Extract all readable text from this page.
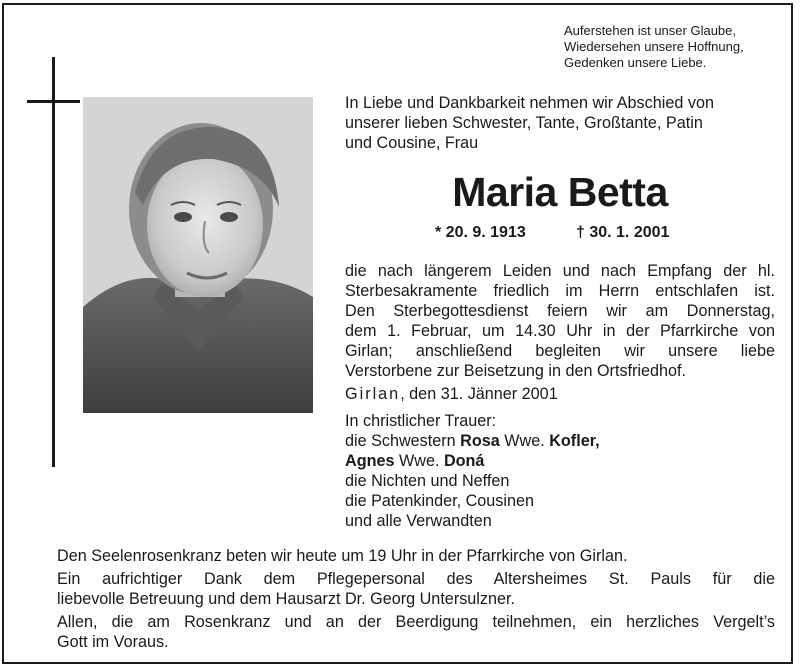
Auferstehen ist unser Glaube,
Wiedersehen unsere Hoffnung,
Gedenken unsere Liebe.
In Liebe und Dankbarkeit nehmen wir Abschied von
unserer lieben Schwester, Tante, Großtante, Patin
und Cousine, Frau
Maria Betta
* 20. 9. 1913	† 30. 1. 2001
die nach längerem Leiden und nach Empfang der hl.
Sterbesakramente friedlich im Herrn entschlafen ist.
Den Sterbegottesdienst feiern wir am Donnerstag,
dem 1. Februar, um 14.30 Uhr in der Pfarrkirche von
Girlan; anschließend begleiten wir unsere liebe
Verstorbene zur Beisetzung in den Ortsfriedhof.
Girlan, den 31. Jänner 2001
In christlicher Trauer:
die Schwestern Rosa Wwe. Kofler,
Agnes Wwe. Doná
die Nichten und Neffen
die Patenkinder, Cousinen
und alle Verwandten

Den Seelenrosenkranz beten wir heute um 19 Uhr in der Pfarrkirche von Girlan.

Ein aufrichtiger Dank dem Pflegepersonal des Altersheimes St. Pauls für die
liebevolle Betreuung und dem Hausarzt Dr. Georg Untersulzner.

Allen, die am Rosenkranz und an der Beerdigung teilnehmen, ein herzliches Vergelt’s
Gott im Voraus.
